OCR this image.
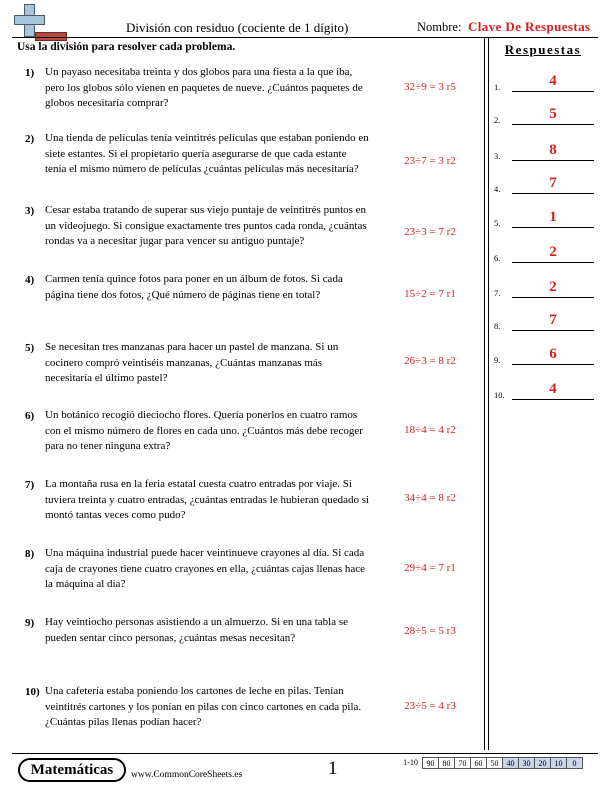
División con residuo (cociente de 1 dígito)	Nombre: Clave De Respuestas
Usa la división para resolver cada problema.	Respuestas
1) Un payaso necesitaba treinta y dos globos para una fiesta a la que iba, pero los globos sólo vienen en paquetes de nueve. ¿Cuántos paquetes de globos necesitaría comprar?
32÷9 = 3 r5
2) Una tienda de películas tenía veintitrés películas que estaban poniendo en siete estantes. Si el propietario quería asegurarse de que cada estante tenía el mismo número de películas ¿cuántas películas más necesitaría?
23÷7 = 3 r2
3) Cesar estaba tratando de superar sus viejo puntaje de veintitrés puntos en un videojuego. Si consigue exactamente tres puntos cada ronda, ¿cuántas rondas va a necesitar jugar para vencer su antiguo puntaje?
23÷3 = 7 r2
4) Carmen tenía quince fotos para poner en un álbum de fotos. Si cada página tiene dos fotos, ¿Qué número de páginas tiene en total?	15÷2 = 7 r1
5) Se necesitan tres manzanas para hacer un pastel de manzana. Si un cocinero compró veintiséis manzanas, ¿Cuántas manzanas más necesitaría el último pastel?
26÷3 = 8 r2
6) Un botánico recogió dieciocho flores. Quería ponerlos en cuatro ramos con el mismo número de flores en cada uno. ¿Cuántos más debe recoger para no tener ninguna extra?
18÷4 = 4 r2
7) La montaña rusa en la feria estatal cuesta cuatro entradas por viaje. Si tuviera treinta y cuatro entradas, ¿cuántas entradas le hubieran quedado si montó tantas veces como pudo?
34÷4 = 8 r2
8) Una máquina industrial puede hacer veintinueve crayones al día. Si cada caja de crayones tiene cuatro crayones en ella, ¿cuántas cajas llenas hace la máquina al día?
29÷4 = 7 r1
9) Hay veintiocho personas asistiendo a un almuerzo. Si en una tabla se pueden sentar cinco personas, ¿cuántas mesas necesitan?
28÷5 = 5 r3
10) Una cafetería estaba poniendo los cartones de leche en pilas. Tenían veintitrés cartones y los ponían en pilas con cinco cartones en cada pila. ¿Cuántas pilas llenas podían hacer?
23÷5 = 4 r3
1.	4
2.	5
3.	8
4.	7
5.	1
6.	2
7.	2
8.	7
9.	6
10.	4
Matemáticas	www.CommonCoreSheets.es	1	1-10	90	80	70	60	50	40	30	20	10	0
